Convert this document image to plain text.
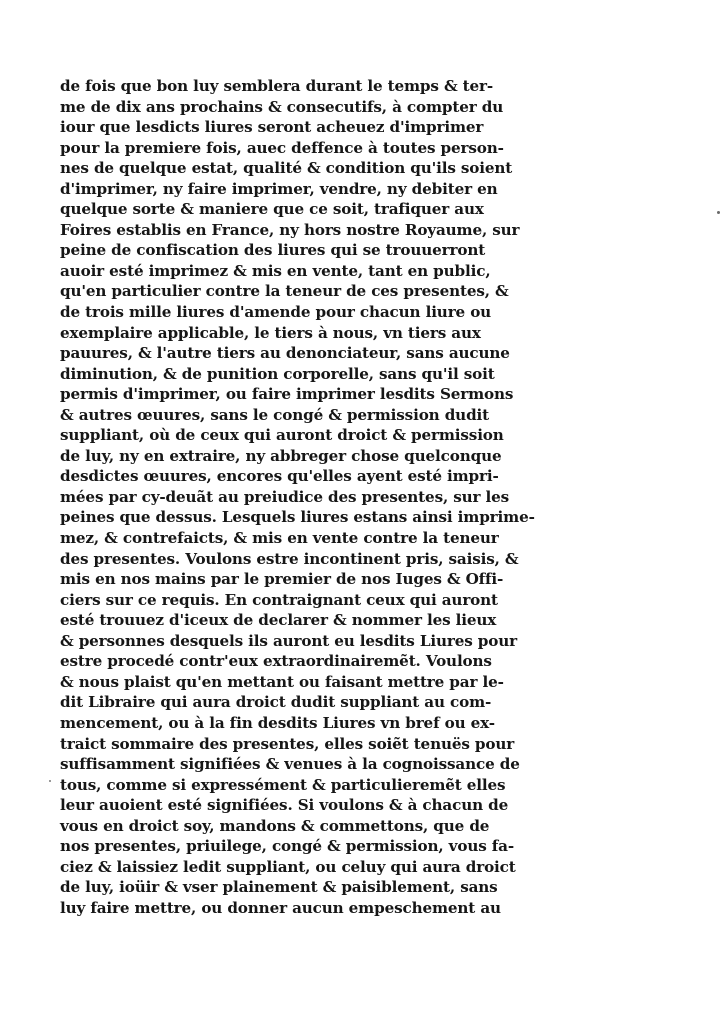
de fois que bon luy semblera durant le temps & ter-
me de dix ans prochains & consecutifs, à compter du
iour que lesdicts liures seront acheuez d'imprimer
pour la premiere fois, auec deffence à toutes person-
nes de quelque estat, qualité & condition qu'ils soient
d'imprimer, ny faire imprimer, vendre, ny debiter en
quelque sorte & maniere que ce soit, trafiquer aux
Foires establis en France, ny hors nostre Royaume, sur
peine de confiscation des liures qui se trouuerront
auoir esté imprimez & mis en vente, tant en public,
qu'en particulier contre la teneur de ces presentes, &
de trois mille liures d'amende pour chacun liure ou
exemplaire applicable, le tiers à nous, vn tiers aux
pauures, & l'autre tiers au denonciateur, sans aucune
diminution, & de punition corporelle, sans qu'il soit
permis d'imprimer, ou faire imprimer lesdits Sermons
& autres œuures, sans le congé & permission dudit
suppliant, où de ceux qui auront droict & permission
de luy, ny en extraire, ny abbreger chose quelconque
desdictes œuures, encores qu'elles ayent esté impri-
mées par cy-deuãt au preiudice des presentes, sur les
peines que dessus. Lesquels liures estans ainsi imprime-
mez, & contrefaicts, & mis en vente contre la teneur
des presentes. Voulons estre incontinent pris, saisis, &
mis en nos mains par le premier de nos Iuges & Offi-
ciers sur ce requis. En contraignant ceux qui auront
esté trouuez d'iceux de declarer & nommer les lieux
& personnes desquels ils auront eu lesdits Liures pour
estre procedé contr'eux extraordinairemẽt. Voulons
& nous plaist qu'en mettant ou faisant mettre par le-
dit Libraire qui aura droict dudit suppliant au com-
mencement, ou à la fin desdits Liures vn bref ou ex-
traict sommaire des presentes, elles soiẽt tenuës pour
suffisamment signifiées & venues à la cognoissance de
tous, comme si expressément & particulieremẽt elles
leur auoient esté signifiées. Si voulons & à chacun de
vous en droict soy, mandons & commettons, que de
nos presentes, priuilege, congé & permission, vous fa-
ciez & laissiez ledit suppliant, ou celuy qui aura droict
de luy, ioüir & vser plainement & paisiblement, sans
luy faire mettre, ou donner aucun empeschement au
